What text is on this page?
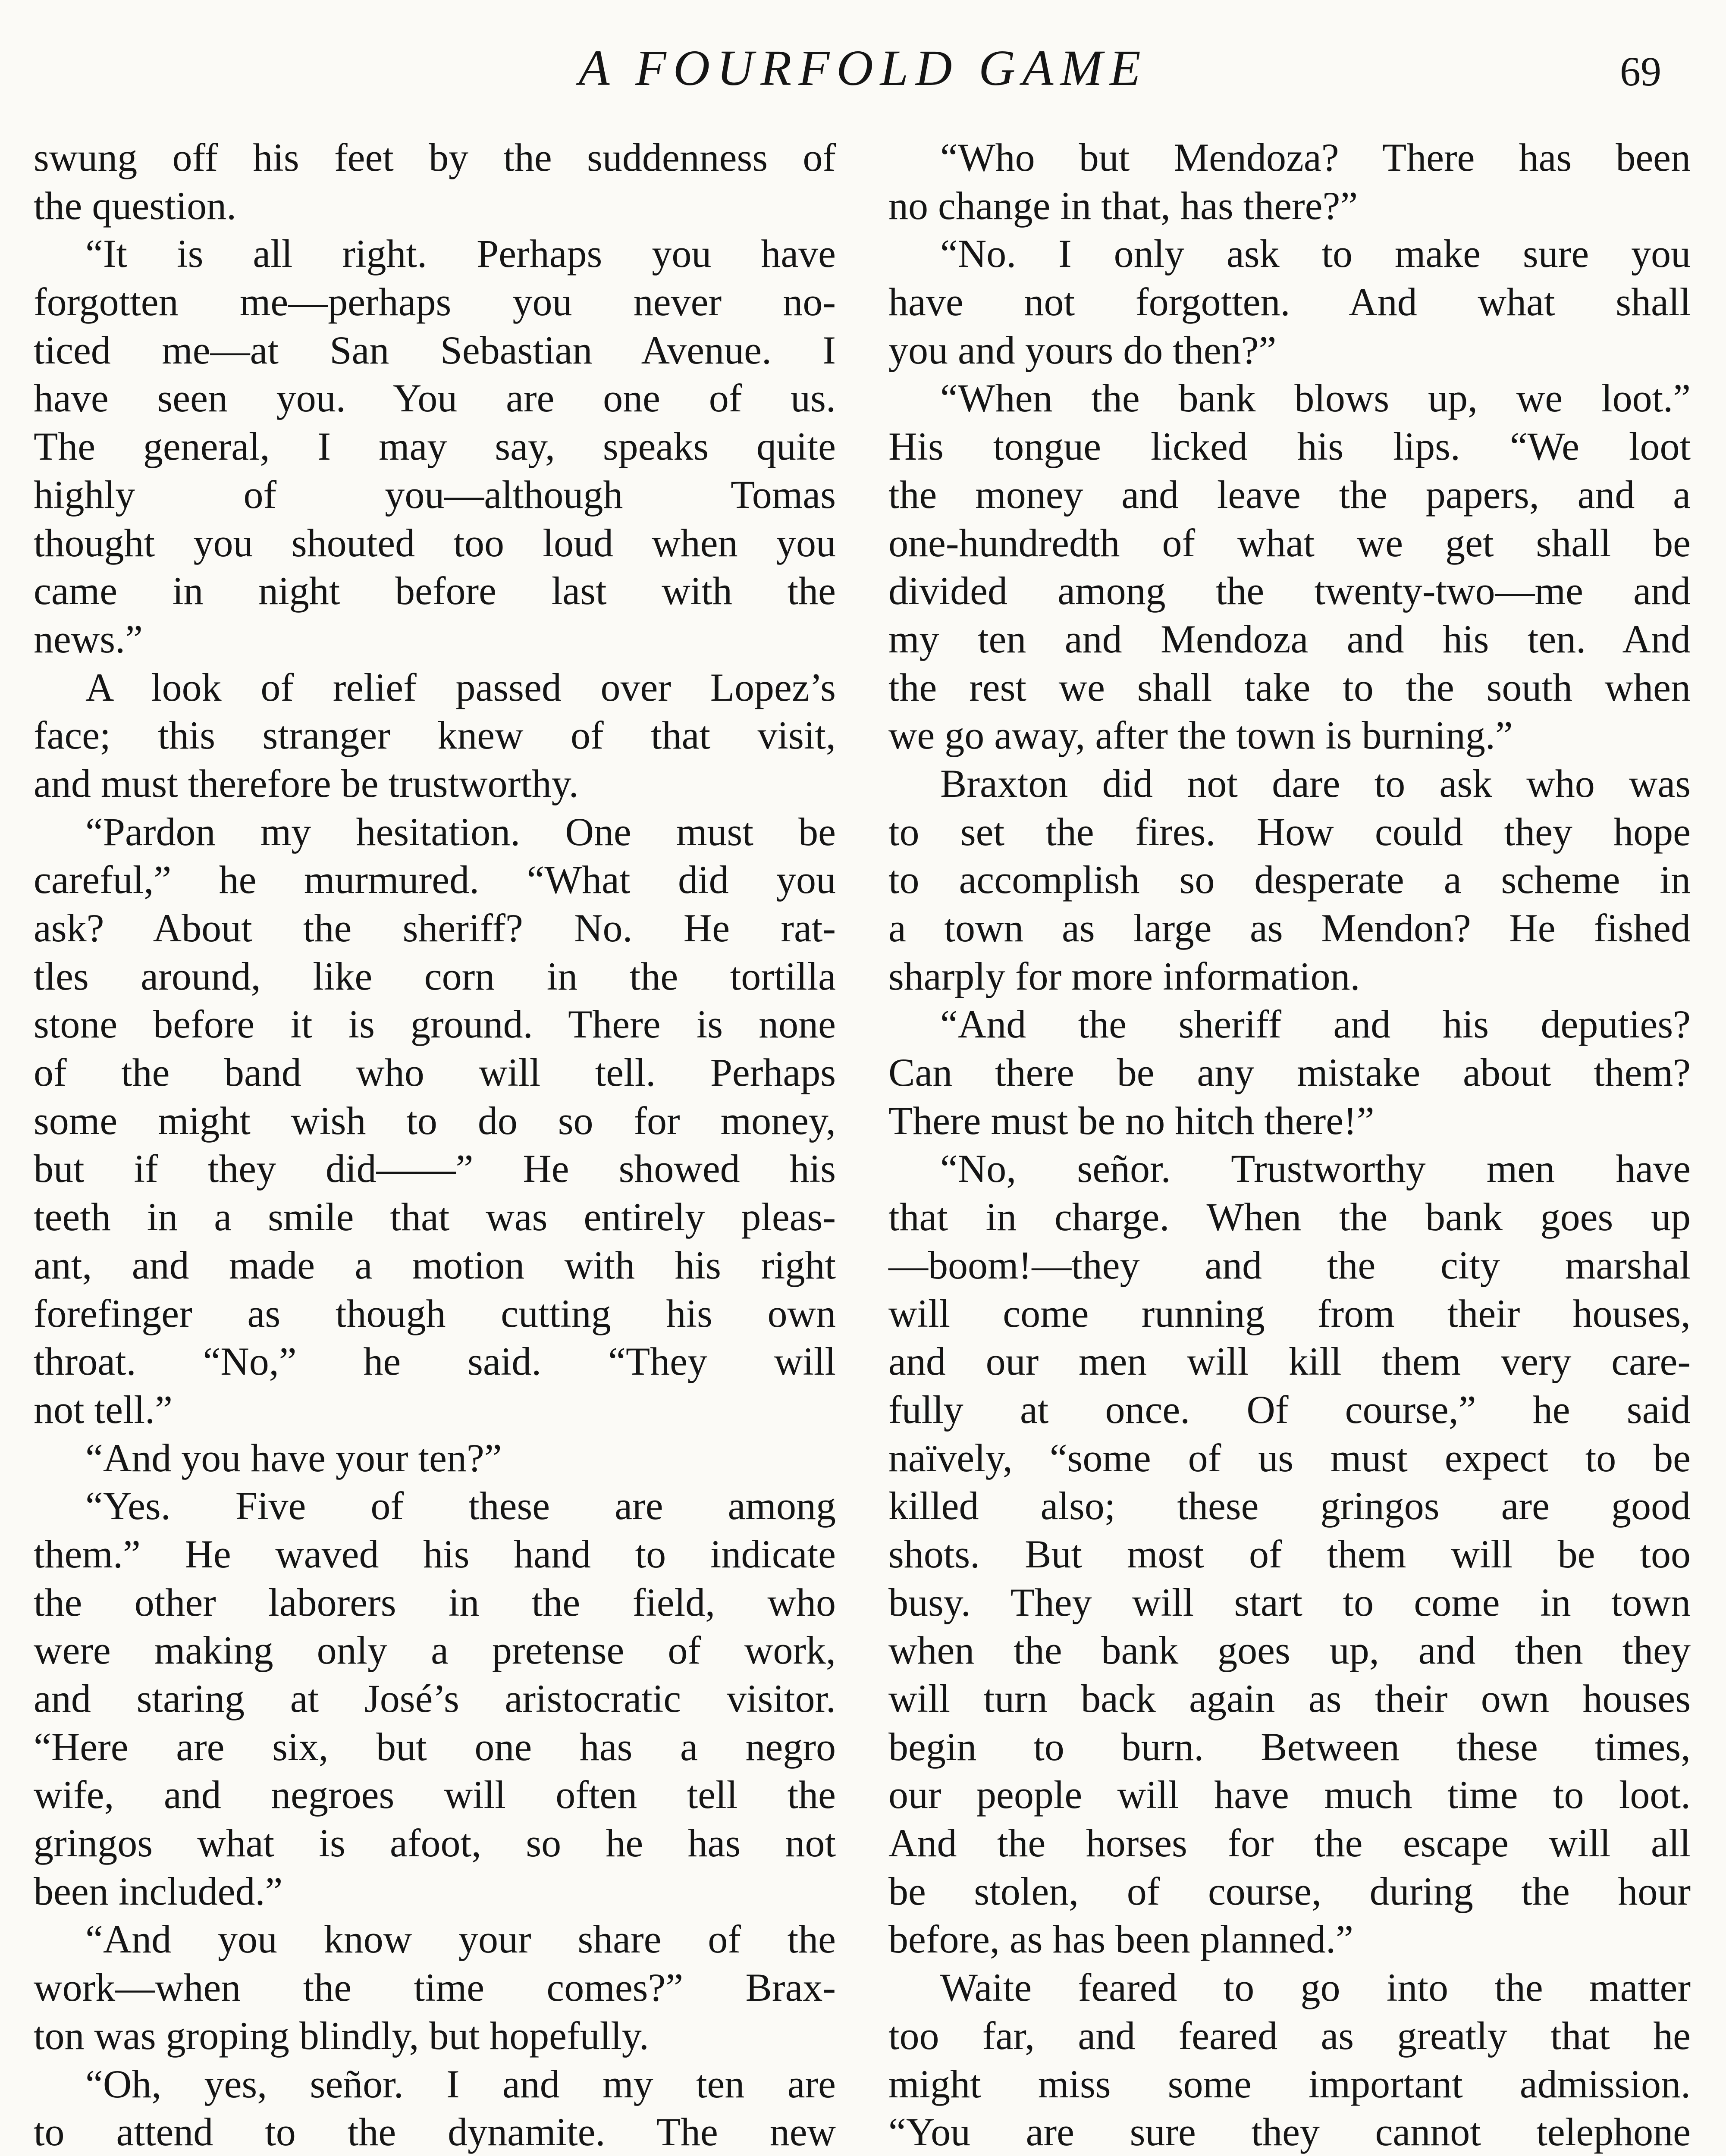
A FOURFOLD GAME	69
swung off his feet by the suddenness of
the question.
“It is all right. Perhaps you have
forgotten me—perhaps you never no-
ticed me—at San Sebastian Avenue. I
have seen you. You are one of us.
The general, I may say, speaks quite
highly of you—although Tomas
thought you shouted too loud when you
came in night before last with the
news.”
A look of relief passed over Lopez’s
face; this stranger knew of that visit,
and must therefore be trustworthy.
“Pardon my hesitation. One must be
careful,” he murmured. “What did you
ask? About the sheriff? No. He rat-
tles around, like corn in the tortilla
stone before it is ground. There is none
of the band who will tell. Perhaps
some might wish to do so for money,
but if they did——” He showed his
teeth in a smile that was entirely pleas-
ant, and made a motion with his right
forefinger as though cutting his own
throat. “No,” he said. “They will
not tell.”
“And you have your ten?”
“Yes. Five of these are among
them.” He waved his hand to indicate
the other laborers in the field, who
were making only a pretense of work,
and staring at José’s aristocratic visitor.
“Here are six, but one has a negro
wife, and negroes will often tell the
gringos what is afoot, so he has not
been included.”
“And you know your share of the
work—when the time comes?” Brax-
ton was groping blindly, but hopefully.
“Oh, yes, señor. I and my ten are
to attend to the dynamite. The new
“Who but Mendoza? There has been
no change in that, has there?”
“No. I only ask to make sure you
have not forgotten. And what shall
you and yours do then?”
“When the bank blows up, we loot.”
His tongue licked his lips. “We loot
the money and leave the papers, and a
one-hundredth of what we get shall be
divided among the twenty-two—me and
my ten and Mendoza and his ten. And
the rest we shall take to the south when
we go away, after the town is burning.”
Braxton did not dare to ask who was
to set the fires. How could they hope
to accomplish so desperate a scheme in
a town as large as Mendon? He fished
sharply for more information.
“And the sheriff and his deputies?
Can there be any mistake about them?
There must be no hitch there!”
“No, señor. Trustworthy men have
that in charge. When the bank goes up
—boom!—they and the city marshal
will come running from their houses,
and our men will kill them very care-
fully at once. Of course,” he said
naïvely, “some of us must expect to be
killed also; these gringos are good
shots. But most of them will be too
busy. They will start to come in town
when the bank goes up, and then they
will turn back again as their own houses
begin to burn. Between these times,
our people will have much time to loot.
And the horses for the escape will all
be stolen, of course, during the hour
before, as has been planned.”
Waite feared to go into the matter
too far, and feared as greatly that he
might miss some important admission.
“You are sure they cannot telephone
